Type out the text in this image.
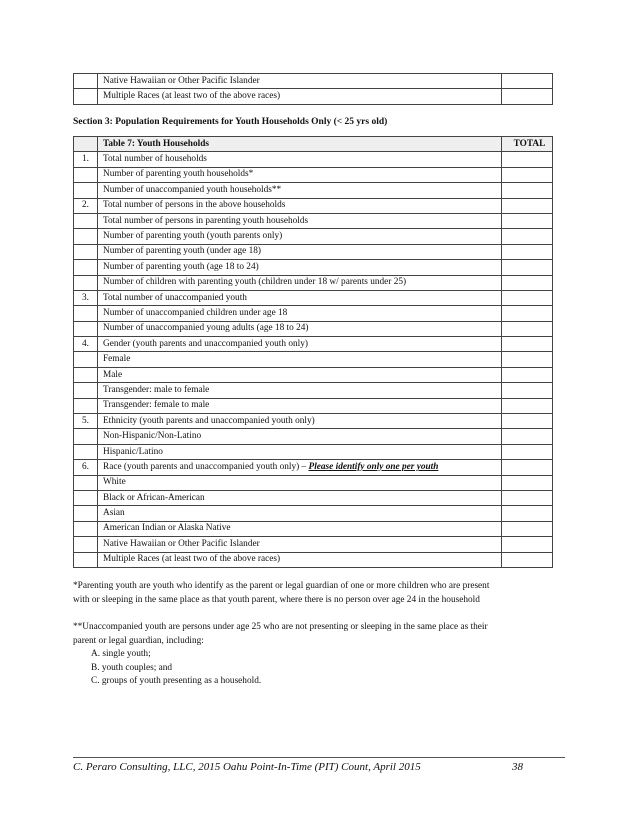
	Native Hawaiian or Other Pacific Islander	
	Multiple Races (at least two of the above races)	
Section 3: Population Requirements for Youth Households Only (< 25 yrs old)
	Table 7: Youth Households	TOTAL
1.	Total number of households	
	Number of parenting youth households*	
	Number of unaccompanied youth households**	
2.	Total number of persons in the above households	
	Total number of persons in parenting youth households	
	Number of parenting youth (youth parents only)	
	Number of parenting youth (under age 18)	
	Number of parenting youth (age 18 to 24)	
	Number of children with parenting youth (children under 18 w/ parents under 25)	
3.	Total number of unaccompanied youth	
	Number of unaccompanied children under age 18	
	Number of unaccompanied young adults (age 18 to 24)	
4.	Gender (youth parents and unaccompanied youth only)	
	Female	
	Male	
	Transgender: male to female	
	Transgender: female to male	
5.	Ethnicity (youth parents and unaccompanied youth only)	
	Non-Hispanic/Non-Latino	
	Hispanic/Latino	
6.	Race (youth parents and unaccompanied youth only) – Please identify only one per youth	
	White	
	Black or African-American	
	Asian	
	American Indian or Alaska Native	
	Native Hawaiian or Other Pacific Islander	
	Multiple Races (at least two of the above races)	
*Parenting youth are youth who identify as the parent or legal guardian of one or more children who are present
with or sleeping in the same place as that youth parent, where there is no person over age 24 in the household
**Unaccompanied youth are persons under age 25 who are not presenting or sleeping in the same place as their
parent or legal guardian, including:
A. single youth;
B. youth couples; and
C. groups of youth presenting as a household.
C. Peraro Consulting, LLC, 2015 Oahu Point-In-Time (PIT) Count, April 2015	38
